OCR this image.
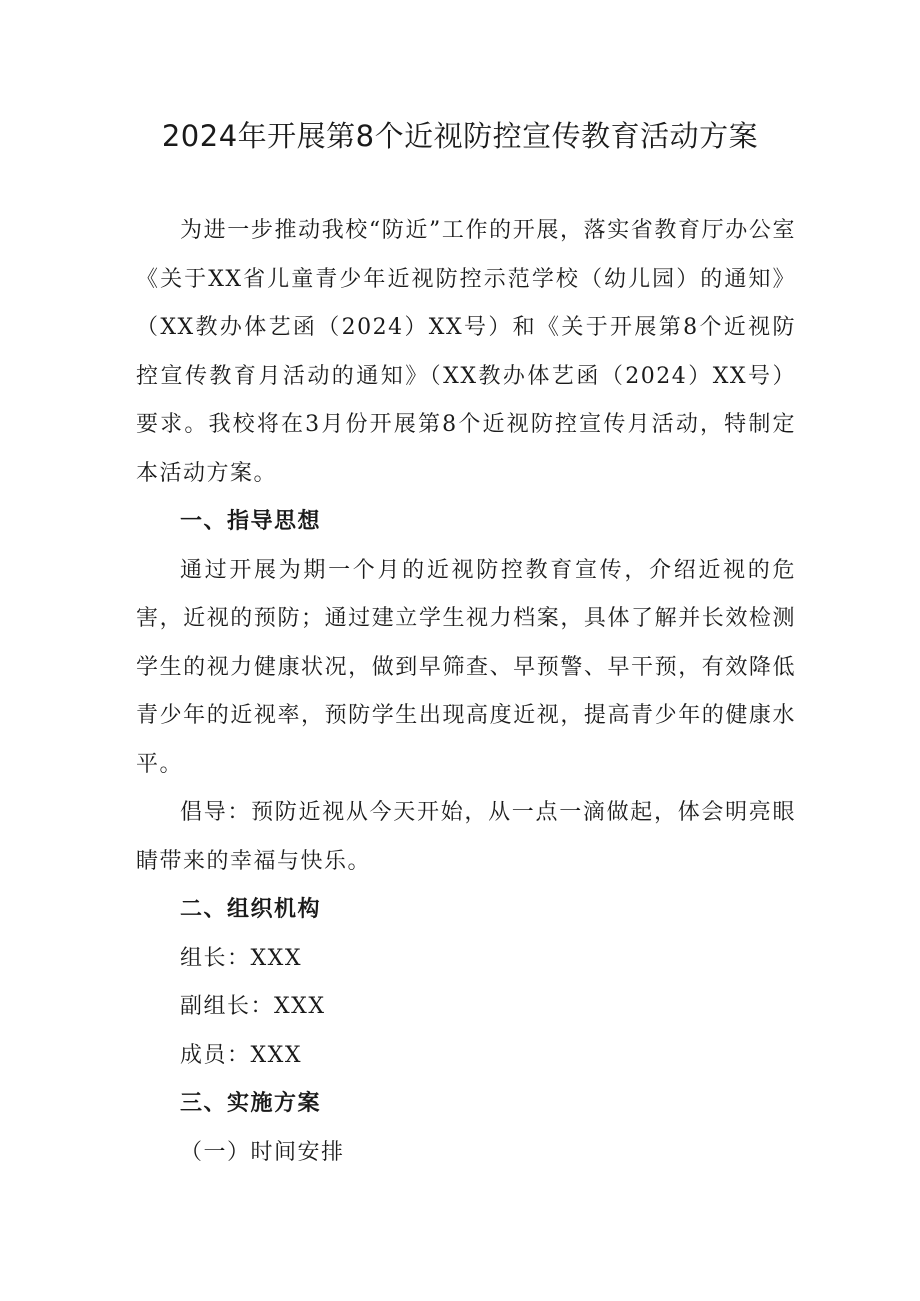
2024年开展第8个近视防控宣传教育活动方案

为进一步推动我校“防近”工作的开展，落实省教育厅办公室《关于XX省儿童青少年近视防控示范学校（幼儿园）的通知》（XX教办体艺函（2024）XX号）和《关于开展第8个近视防控宣传教育月活动的通知》（XX教办体艺函（2024）XX号）要求。我校将在3月份开展第8个近视防控宣传月活动，特制定本活动方案。

一、指导思想

通过开展为期一个月的近视防控教育宣传，介绍近视的危害，近视的预防；通过建立学生视力档案，具体了解并长效检测学生的视力健康状况，做到早筛查、早预警、早干预，有效降低青少年的近视率，预防学生出现高度近视，提高青少年的健康水平。

倡导：预防近视从今天开始，从一点一滴做起，体会明亮眼睛带来的幸福与快乐。

二、组织机构

组长：XXX

副组长：XXX

成员：XXX

三、实施方案

（一）时间安排
